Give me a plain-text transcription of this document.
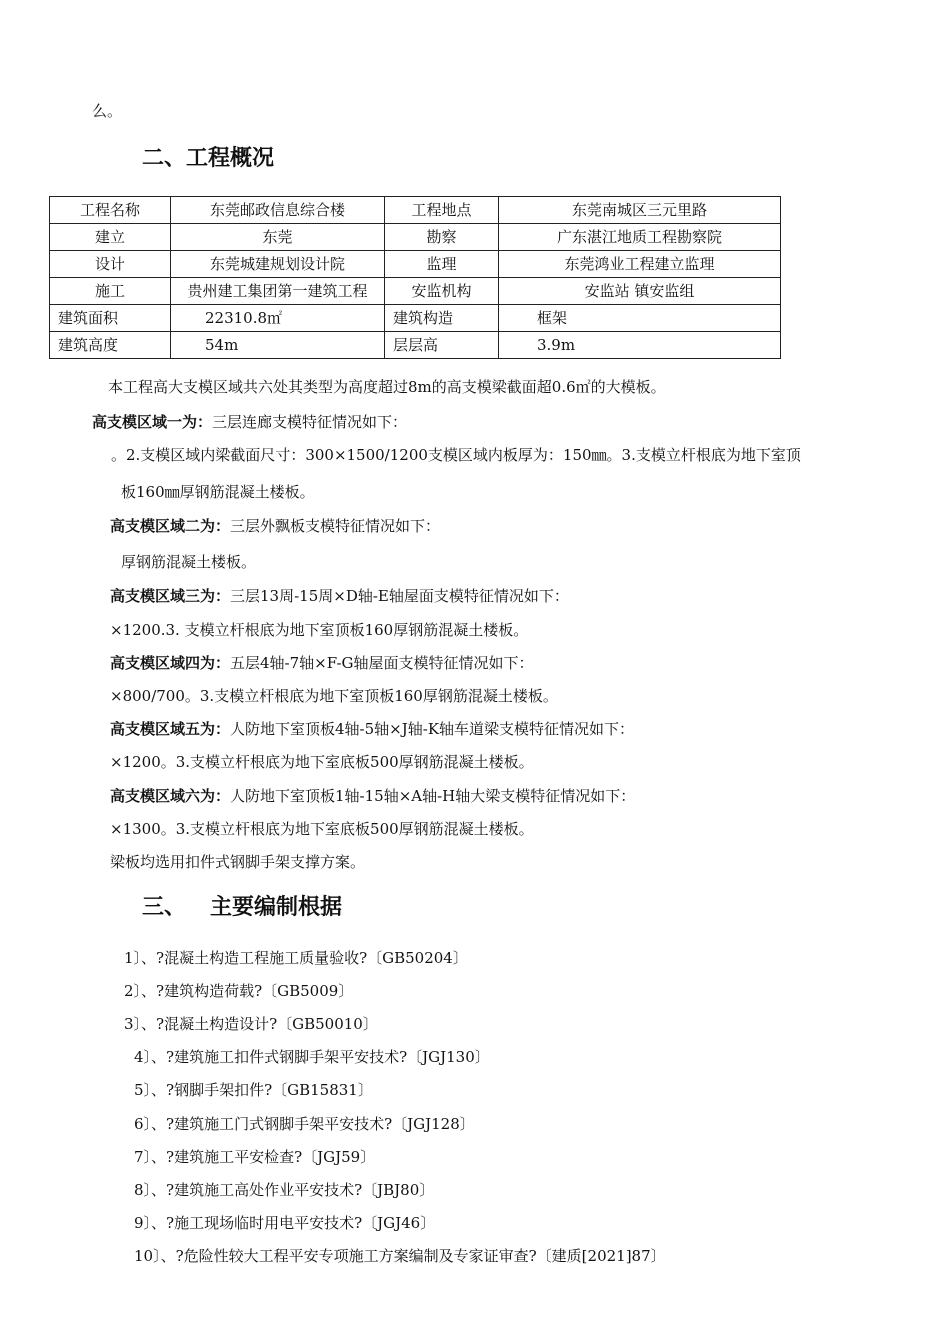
么。
二、工程概况
工程名称	东莞邮政信息综合楼	工程地点	东莞南城区三元里路
建立	东莞	勘察	广东湛江地质工程勘察院
设计	东莞城建规划设计院	监理	东莞鸿业工程建立监理
施工	贵州建工集团第一建筑工程	安监机构	安监站 镇安监组
建筑面积	22310.8㎡	建筑构造	框架
建筑高度	54m	层层高	3.9m
本工程高大支模区域共六处其类型为高度超过8m的高支模梁截面超0.6㎡的大模板。
高支模区域一为：三层连廊支模特征情况如下：
。2.支模区域内梁截面尺寸：300×1500/1200支模区域内板厚为：150㎜。3.支模立杆根底为地下室顶
板160㎜厚钢筋混凝土楼板。
高支模区域二为：三层外飘板支模特征情况如下：
厚钢筋混凝土楼板。
高支模区域三为：三层13周-15周×D轴-E轴屋面支模特征情况如下：
×1200.3. 支模立杆根底为地下室顶板160厚钢筋混凝土楼板。
高支模区域四为：五层4轴-7轴×F-G轴屋面支模特征情况如下：
×800/700。3.支模立杆根底为地下室顶板160厚钢筋混凝土楼板。
高支模区域五为：人防地下室顶板4轴-5轴×J轴-K轴车道梁支模特征情况如下：
×1200。3.支模立杆根底为地下室底板500厚钢筋混凝土楼板。
高支模区域六为：人防地下室顶板1轴-15轴×A轴-H轴大梁支模特征情况如下：
×1300。3.支模立杆根底为地下室底板500厚钢筋混凝土楼板。
梁板均选用扣件式钢脚手架支撑方案。
三、 主要编制根据
1〕、?混凝土构造工程施工质量验收?〔GB50204〕
2〕、?建筑构造荷载?〔GB5009〕
3〕、?混凝土构造设计?〔GB50010〕
4〕、?建筑施工扣件式钢脚手架平安技术?〔JGJ130〕
5〕、?钢脚手架扣件?〔GB15831〕
6〕、?建筑施工门式钢脚手架平安技术?〔JGJ128〕
7〕、?建筑施工平安检查?〔JGJ59〕
8〕、?建筑施工高处作业平安技术?〔JBJ80〕
9〕、?施工现场临时用电平安技术?〔JGJ46〕
10〕、?危险性较大工程平安专项施工方案编制及专家证审查?〔建质[2021]87〕
